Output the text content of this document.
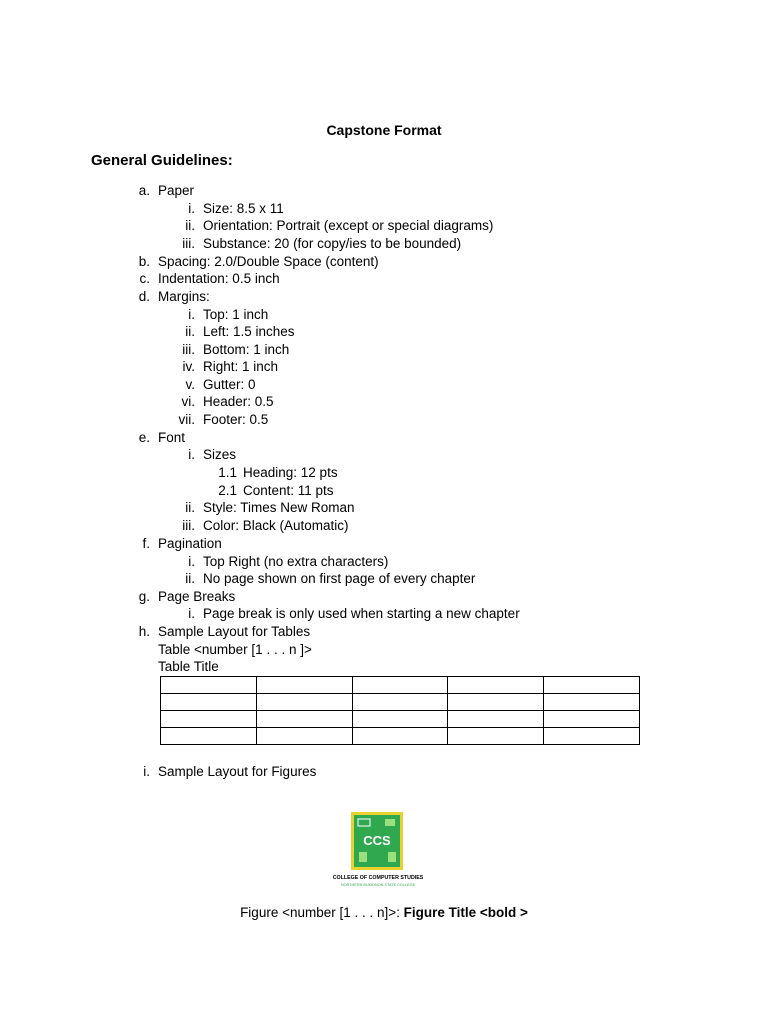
Capstone Format
General Guidelines:
a. Paper
i. Size: 8.5 x 11
ii. Orientation: Portrait (except or special diagrams)
iii. Substance: 20 (for copy/ies to be bounded)
b. Spacing: 2.0/Double Space (content)
c. Indentation: 0.5 inch
d. Margins:
i. Top: 1 inch
ii. Left: 1.5 inches
iii. Bottom: 1 inch
iv. Right: 1 inch
v. Gutter: 0
vi. Header: 0.5
vii. Footer: 0.5
e. Font
i. Sizes
1.1 Heading: 12 pts
2.1 Content: 11 pts
ii. Style: Times New Roman
iii. Color: Black (Automatic)
f. Pagination
i. Top Right (no extra characters)
ii. No page shown on first page of every chapter
g. Page Breaks
i. Page break is only used when starting a new chapter
h. Sample Layout for Tables
Table <number [1 . . . n ]>
Table Title
i. Sample Layout for Figures

CCS
COLLEGE OF COMPUTER STUDIES
NORTHERN BUKIDNON STATE COLLEGE
Figure <number [1 . . . n]>: Figure Title <bold >
